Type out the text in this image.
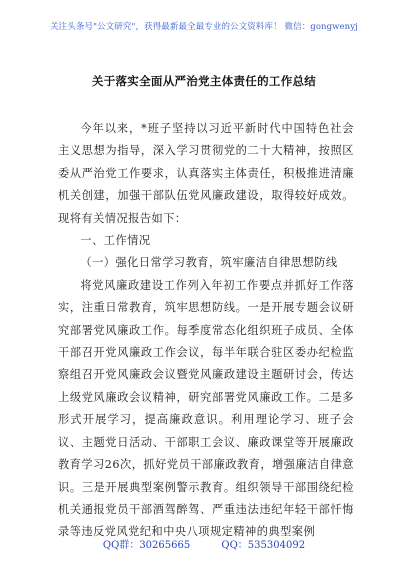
关注头条号"公文研究"，获得最新最全最专业的公文资料库！ 微信：gongwenyj
关于落实全面从严治党主体责任的工作总结

今年以来，*班子坚持以习近平新时代中国特色社会主义思想为指导，深入学习贯彻党的二十大精神，按照区委从严治党工作要求，认真落实主体责任，积极推进清廉机关创建，加强干部队伍党风廉政建设，取得较好成效。现将有关情况报告如下：

一、工作情况

（一）强化日常学习教育，筑牢廉洁自律思想防线

将党风廉政建设工作列入年初工作要点并抓好工作落实，注重日常教育，筑牢思想防线。一是开展专题会议研究部署党风廉政工作。每季度常态化组织班子成员、全体干部召开党风廉政工作会议，每半年联合驻区委办纪检监察组召开党风廉政会议暨党风廉政建设主题研讨会，传达上级党风廉政会议精神，研究部署党风廉政工作。二是多形式开展学习，提高廉政意识。利用理论学习、班子会议、主题党日活动、干部职工会议、廉政课堂等开展廉政教育学习26次，抓好党员干部廉政教育，增强廉洁自律意识。三是开展典型案例警示教育。组织领导干部围绕纪检机关通报党员干部酒驾醉驾、严重违法违纪年轻干部忏悔录等违反党风党纪和中央八项规定精神的典型案例

QQ群：30265665	QQ：535304092
